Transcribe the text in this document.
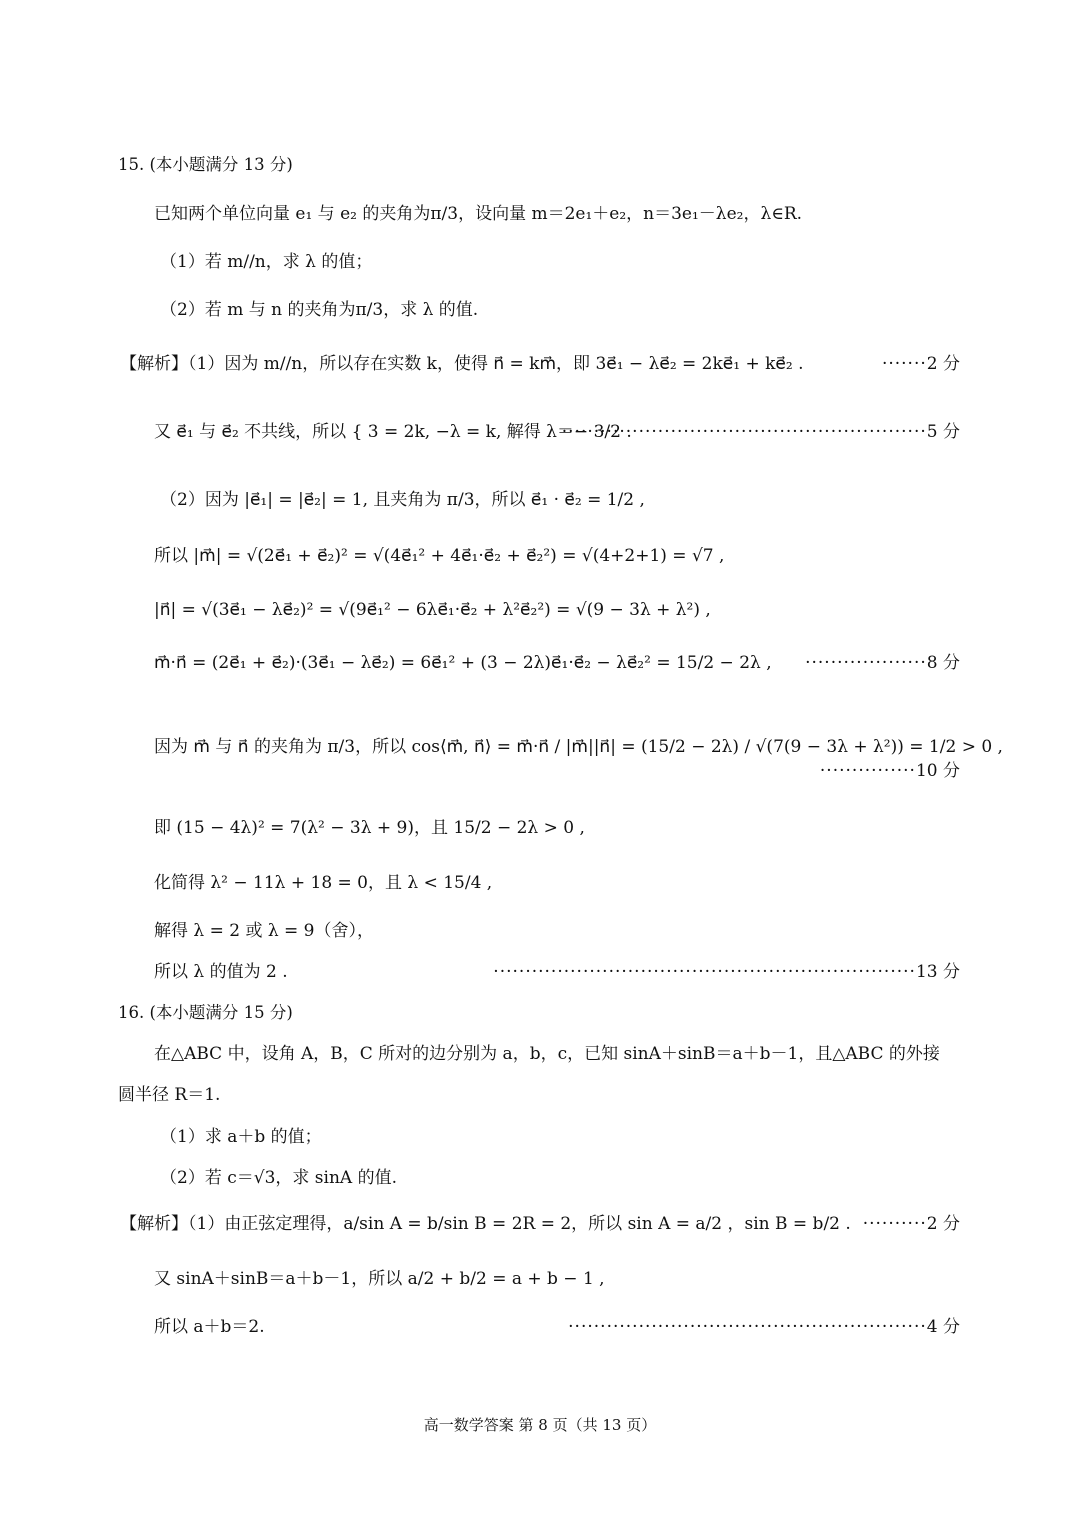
15. (本小题满分 13 分)
已知两个单位向量 e₁ 与 e₂ 的夹角为π/3，设向量 m＝2e₁＋e₂，n＝3e₁－λe₂，λ∈R.
（1）若 m//n，求 λ 的值；
（2）若 m 与 n 的夹角为π/3，求 λ 的值.
【解析】（1）因为 m//n，所以存在实数 k，使得 n⃗ = km⃗，即 3e⃗₁ − λe⃗₂ = 2ke⃗₁ + ke⃗₂ .	·······2 分
又 e⃗₁ 与 e⃗₂ 不共线，所以 { 3 = 2k, −λ = k, 解得 λ＝− 3/2 .
·························································5 分
（2）因为 |e⃗₁| = |e⃗₂| = 1, 且夹角为 π/3，所以 e⃗₁ · e⃗₂ = 1/2 ,
所以 |m⃗| = √(2e⃗₁ + e⃗₂)² = √(4e⃗₁² + 4e⃗₁·e⃗₂ + e⃗₂²) = √(4+2+1) = √7 ,
|n⃗| = √(3e⃗₁ − λe⃗₂)² = √(9e⃗₁² − 6λe⃗₁·e⃗₂ + λ²e⃗₂²) = √(9 − 3λ + λ²) ,
m⃗·n⃗ = (2e⃗₁ + e⃗₂)·(3e⃗₁ − λe⃗₂) = 6e⃗₁² + (3 − 2λ)e⃗₁·e⃗₂ − λe⃗₂² = 15/2 − 2λ , ···················8 分
因为 m⃗ 与 n⃗ 的夹角为 π/3，所以 cos⟨m⃗, n⃗⟩ = m⃗·n⃗ / |m⃗||n⃗| = (15/2 − 2λ) / √(7(9 − 3λ + λ²)) = 1/2 > 0 ,
···············10 分
即 (15 − 4λ)² = 7(λ² − 3λ + 9)，且 15/2 − 2λ > 0 ,
化简得 λ² − 11λ + 18 = 0，且 λ < 15/4 ,
解得 λ = 2 或 λ = 9（舍），
所以 λ 的值为 2 .	··································································13 分
16. (本小题满分 15 分)
在△ABC 中，设角 A，B，C 所对的边分别为 a，b，c，已知 sinA＋sinB＝a＋b－1，且△ABC 的外接
圆半径 R＝1.
（1）求 a＋b 的值；
（2）若 c＝√3，求 sinA 的值.
【解析】（1）由正弦定理得，a/sin A = b/sin B = 2R = 2，所以 sin A = a/2 ，sin B = b/2 . ··········2 分
又 sinA＋sinB＝a＋b－1，所以 a/2 + b/2 = a + b − 1 ,
所以 a＋b＝2.	························································4 分
高一数学答案 第 8 页（共 13 页）
